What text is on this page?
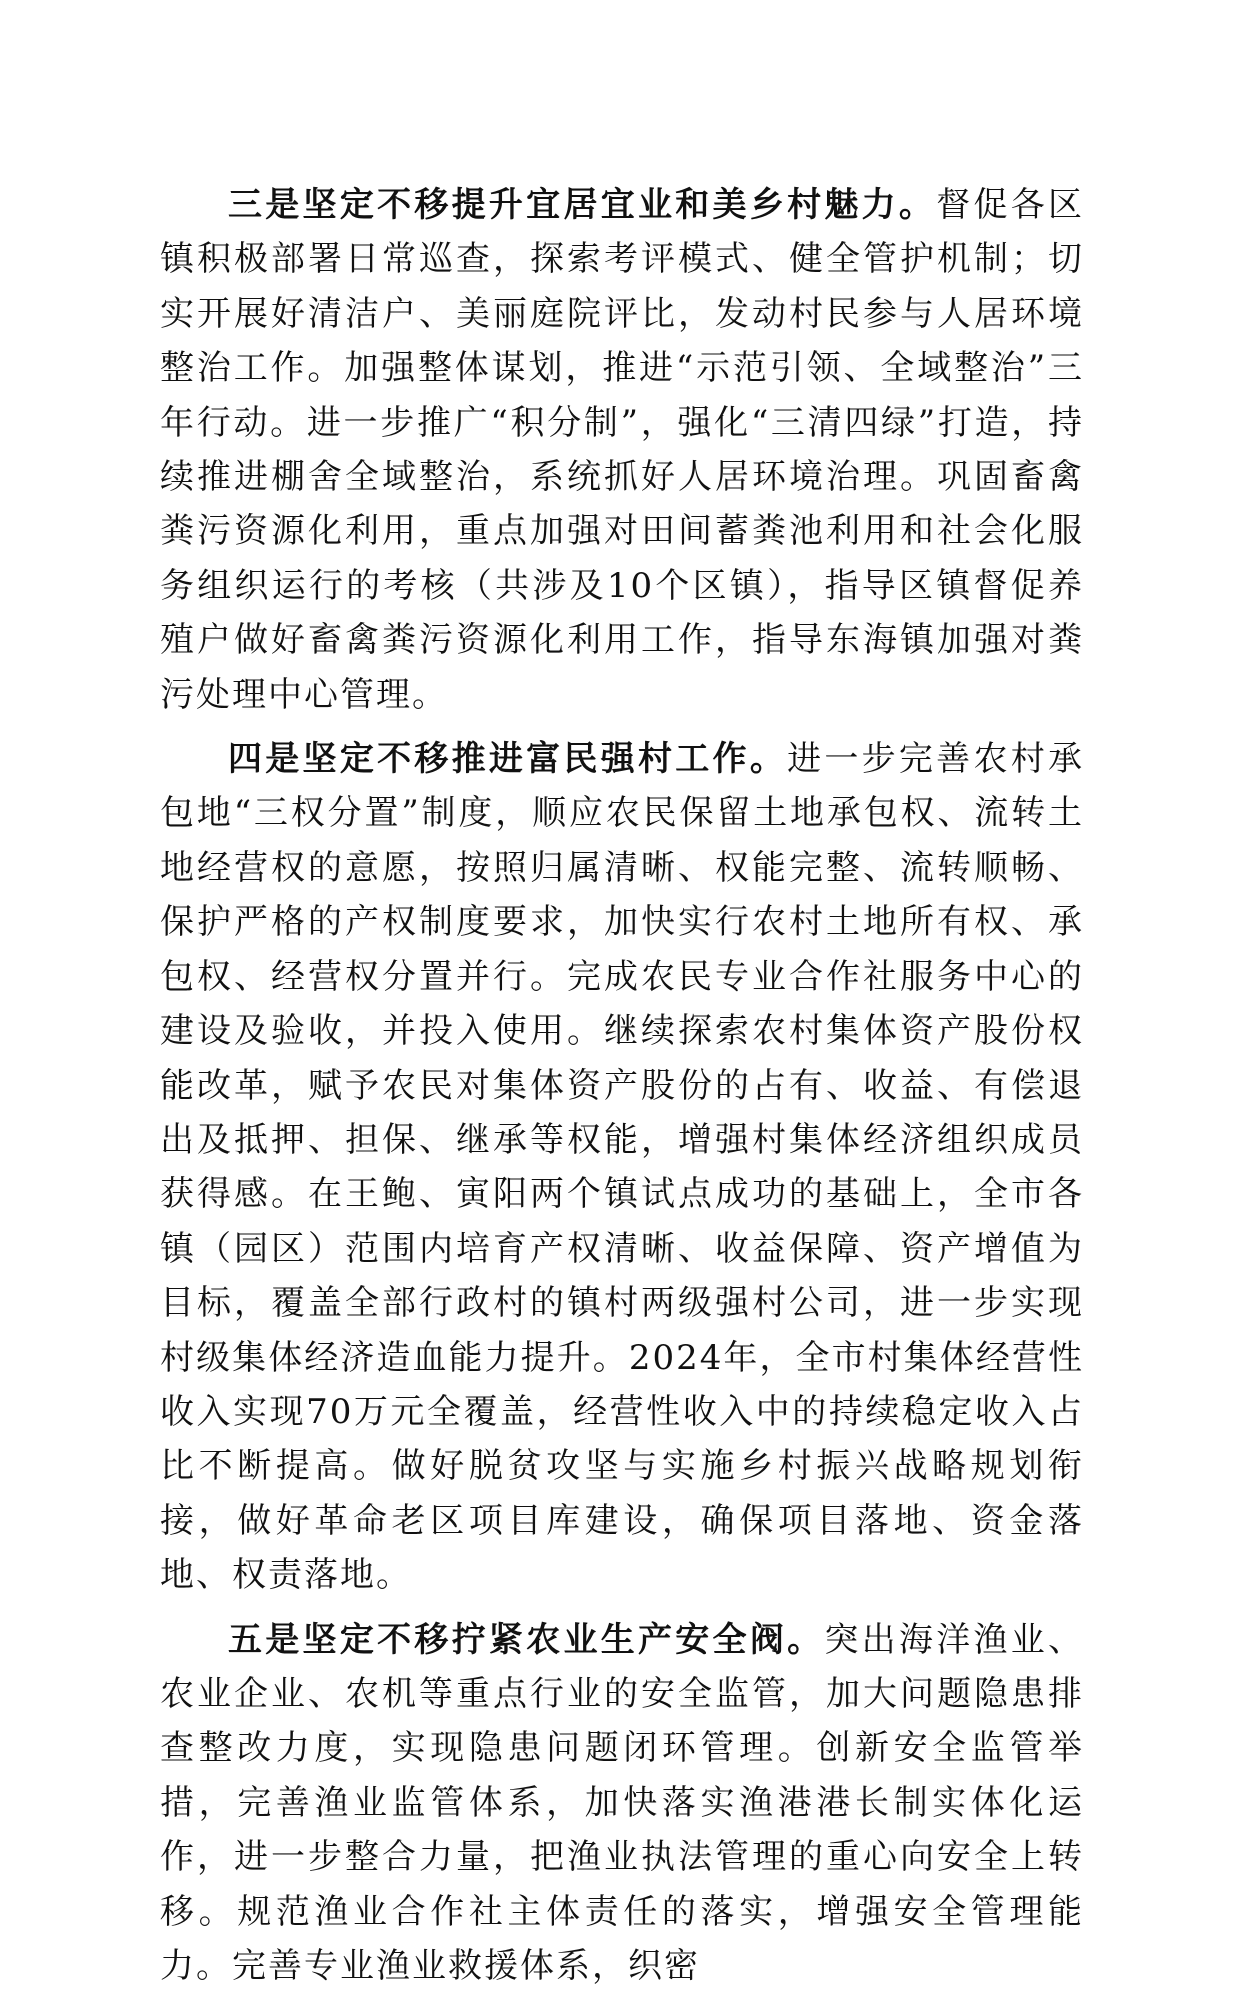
三是坚定不移提升宜居宜业和美乡村魅力。督促各区镇积极部署日常巡查，探索考评模式、健全管护机制；切实开展好清洁户、美丽庭院评比，发动村民参与人居环境整治工作。加强整体谋划，推进“示范引领、全域整治”三年行动。进一步推广“积分制”，强化“三清四绿”打造，持续推进棚舍全域整治，系统抓好人居环境治理。巩固畜禽粪污资源化利用，重点加强对田间蓄粪池利用和社会化服务组织运行的考核（共涉及10个区镇），指导区镇督促养殖户做好畜禽粪污资源化利用工作，指导东海镇加强对粪污处理中心管理。

四是坚定不移推进富民强村工作。进一步完善农村承包地“三权分置”制度，顺应农民保留土地承包权、流转土地经营权的意愿，按照归属清晰、权能完整、流转顺畅、保护严格的产权制度要求，加快实行农村土地所有权、承包权、经营权分置并行。完成农民专业合作社服务中心的建设及验收，并投入使用。继续探索农村集体资产股份权能改革，赋予农民对集体资产股份的占有、收益、有偿退出及抵押、担保、继承等权能，增强村集体经济组织成员获得感。在王鲍、寅阳两个镇试点成功的基础上，全市各镇（园区）范围内培育产权清晰、收益保障、资产增值为目标，覆盖全部行政村的镇村两级强村公司，进一步实现村级集体经济造血能力提升。2024年，全市村集体经营性收入实现70万元全覆盖，经营性收入中的持续稳定收入占比不断提高。做好脱贫攻坚与实施乡村振兴战略规划衔接，做好革命老区项目库建设，确保项目落地、资金落地、权责落地。

五是坚定不移拧紧农业生产安全阀。突出海洋渔业、农业企业、农机等重点行业的安全监管，加大问题隐患排查整改力度，实现隐患问题闭环管理。创新安全监管举措，完善渔业监管体系，加快落实渔港港长制实体化运作，进一步整合力量，把渔业执法管理的重心向安全上转移。规范渔业合作社主体责任的落实，增强安全管理能力。完善专业渔业救援体系，织密
